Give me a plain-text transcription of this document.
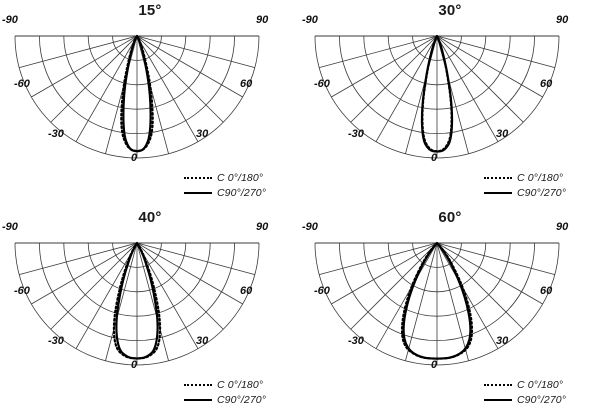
15°
-90	90
-60	60
-30	30
0
C 0°/180°
C90°/270°
30°
-90	90
-60	60
-30	30
0
C 0°/180°
C90°/270°
40°
-90	90
-60	60
-30	30
0
C 0°/180°
C90°/270°
60°
-90	90
-60	60
-30	30
0
C 0°/180°
C90°/270°
